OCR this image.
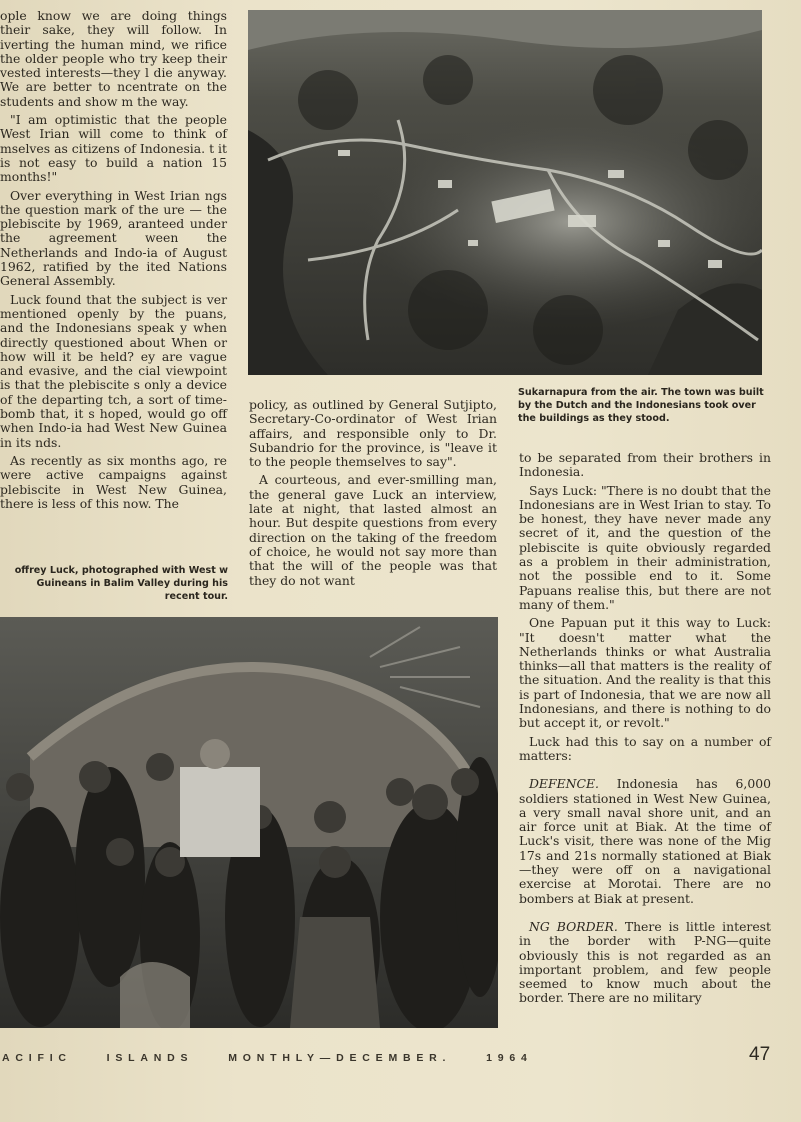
ople know we are doing things their sake, they will follow. In iverting the human mind, we rifice the older people who try keep their vested interests—they l die anyway. We are better to ncentrate on the students and show m the way.

"I am optimistic that the people West Irian will come to think of mselves as citizens of Indonesia. t it is not easy to build a nation 15 months!"

Over everything in West Irian ngs the question mark of the ure — the plebiscite by 1969, aranteed under the agreement ween the Netherlands and Indo-ia of August 1962, ratified by the ited Nations General Assembly.

Luck found that the subject is ver mentioned openly by the puans, and the Indonesians speak y when directly questioned about When or how will it be held? ey are vague and evasive, and the cial viewpoint is that the plebiscite s only a device of the departing tch, a sort of time-bomb that, it s hoped, would go off when Indo-ia had West New Guinea in its nds.

As recently as six months ago, re were active campaigns against plebiscite in West New Guinea, there is less of this now. The

offrey Luck, photographed with West w Guineans in Balim Valley during his recent tour.
Sukarnapura from the air. The town was built by the Dutch and the Indonesians took over the buildings as they stood.

policy, as outlined by General Sutjipto, Secretary-Co-ordinator of West Irian affairs, and responsible only to Dr. Subandrio for the province, is "leave it to the people themselves to say".

A courteous, and ever-smilling man, the general gave Luck an interview, late at night, that lasted almost an hour. But despite questions from every direction on the taking of the freedom of choice, he would not say more than that the will of the people was that they do not want

to be separated from their brothers in Indonesia.

Says Luck: "There is no doubt that the Indonesians are in West Irian to stay. To be honest, they have never made any secret of it, and the question of the plebiscite is quite obviously regarded as a problem in their administration, not the possible end to it. Some Papuans realise this, but there are not many of them."

One Papuan put it this way to Luck: "It doesn't matter what the Netherlands thinks or what Australia thinks—all that matters is the reality of the situation. And the reality is that this is part of Indonesia, that we are now all Indonesians, and there is nothing to do but accept it, or revolt."

Luck had this to say on a number of matters:

DEFENCE. Indonesia has 6,000 soldiers stationed in West New Guinea, a very small naval shore unit, and an air force unit at Biak. At the time of Luck's visit, there was none of the Mig 17s and 21s normally stationed at Biak—they were off on a navigational exercise at Morotai. There are no bombers at Biak at present.

NG BORDER. There is little interest in the border with P-NG—quite obviously this is not regarded as an important problem, and few people seemed to know much about the border. There are no military

ACIFIC    ISLANDS    MONTHLY—DECEMBER.    1964	47
